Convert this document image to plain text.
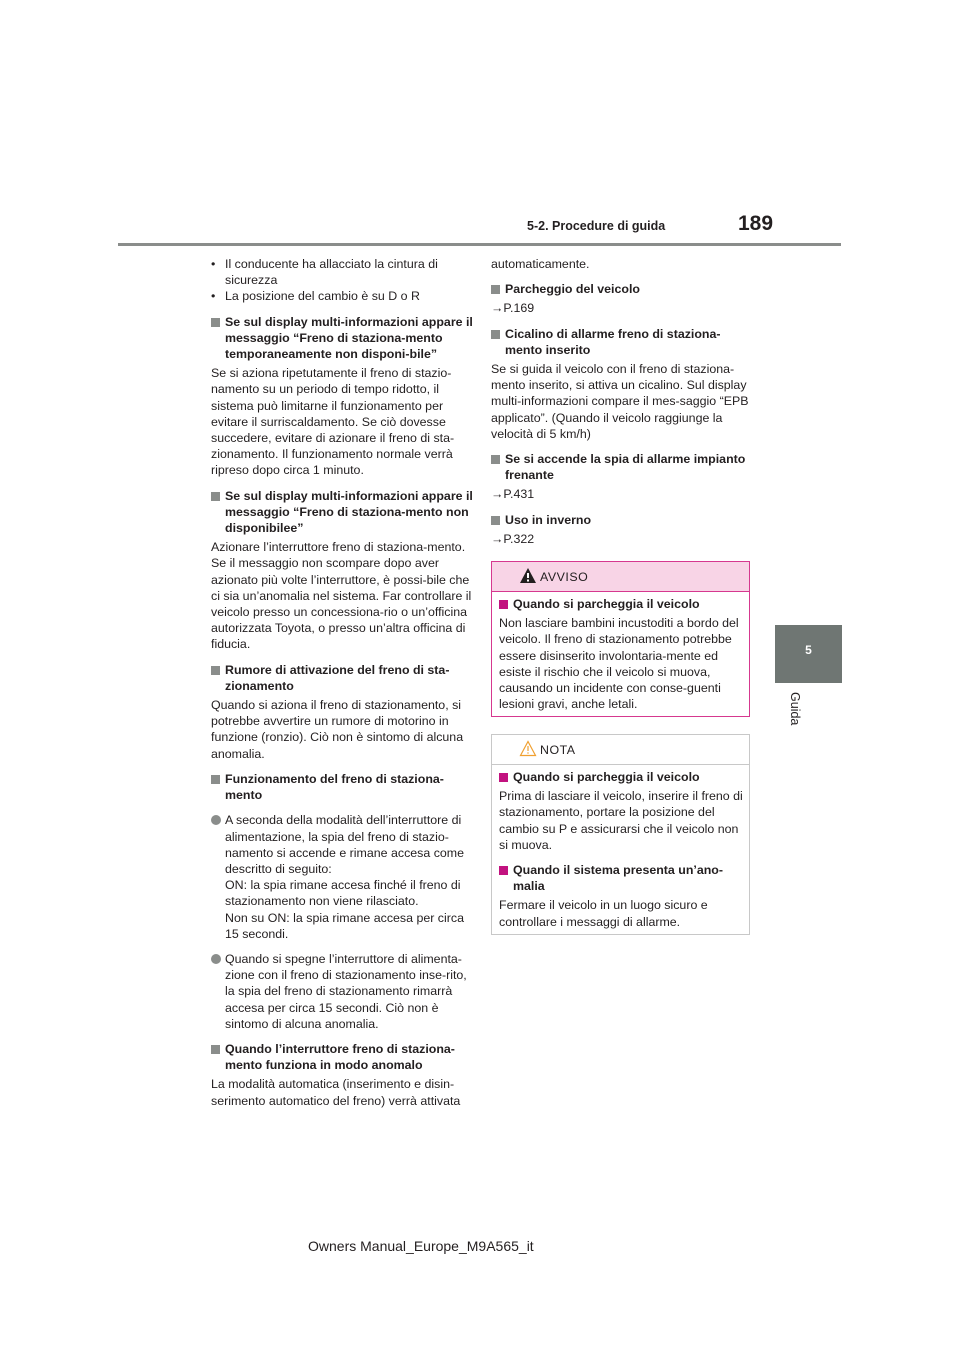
189
5-2. Procedure di guida
5
Guida
• Il conducente ha allacciato la cintura di sicurezza
• La posizione del cambio è su D o R
Se sul display multi-informazioni appare il messaggio “Freno di staziona-mento temporaneamente non disponi-bile”
Se si aziona ripetutamente il freno di stazio-namento su un periodo di tempo ridotto, il sistema può limitarne il funzionamento per evitare il surriscaldamento. Se ciò dovesse succedere, evitare di azionare il freno di sta-zionamento. Il funzionamento normale verrà ripreso dopo circa 1 minuto.
Se sul display multi-informazioni appare il messaggio “Freno di staziona-mento non disponibilee”
Azionare l’interruttore freno di staziona-mento. Se il messaggio non scompare dopo aver azionato più volte l’interruttore, è possi-bile che ci sia un’anomalia nel sistema. Far controllare il veicolo presso un concessiona-rio o un’officina autorizzata Toyota, o presso un’altra officina di fiducia.
Rumore di attivazione del freno di sta-zionamento
Quando si aziona il freno di stazionamento, si potrebbe avvertire un rumore di motorino in funzione (ronzio). Ciò non è sintomo di alcuna anomalia.
Funzionamento del freno di staziona-mento
A seconda della modalità dell’interruttore di alimentazione, la spia del freno di stazio-namento si accende e rimane accesa come descritto di seguito:
ON: la spia rimane accesa finché il freno di stazionamento non viene rilasciato.
Non su ON: la spia rimane accesa per circa 15 secondi.
Quando si spegne l’interruttore di alimenta-zione con il freno di stazionamento inse-rito, la spia del freno di stazionamento rimarrà accesa per circa 15 secondi. Ciò non è sintomo di alcuna anomalia.
Quando l’interruttore freno di staziona-mento funziona in modo anomalo
La modalità automatica (inserimento e disin-serimento automatico del freno) verrà attivata
automaticamente.
Parcheggio del veicolo
→P.169
Cicalino di allarme freno di staziona-mento inserito
Se si guida il veicolo con il freno di staziona-mento inserito, si attiva un cicalino. Sul display multi-informazioni compare il mes-saggio “EPB applicato”. (Quando il veicolo raggiunge la velocità di 5 km/h)
Se si accende la spia di allarme impianto frenante
→P.431
Uso in inverno
→P.322
AVVISO
Quando si parcheggia il veicolo
Non lasciare bambini incustoditi a bordo del veicolo. Il freno di stazionamento potrebbe essere disinserito involontaria-mente ed esiste il rischio che il veicolo si muova, causando un incidente con conse-guenti lesioni gravi, anche letali.
NOTA
Quando si parcheggia il veicolo
Prima di lasciare il veicolo, inserire il freno di stazionamento, portare la posizione del cambio su P e assicurarsi che il veicolo non si muova.
Quando il sistema presenta un’ano-malia
Fermare il veicolo in un luogo sicuro e controllare i messaggi di allarme.
Owners Manual_Europe_M9A565_it
